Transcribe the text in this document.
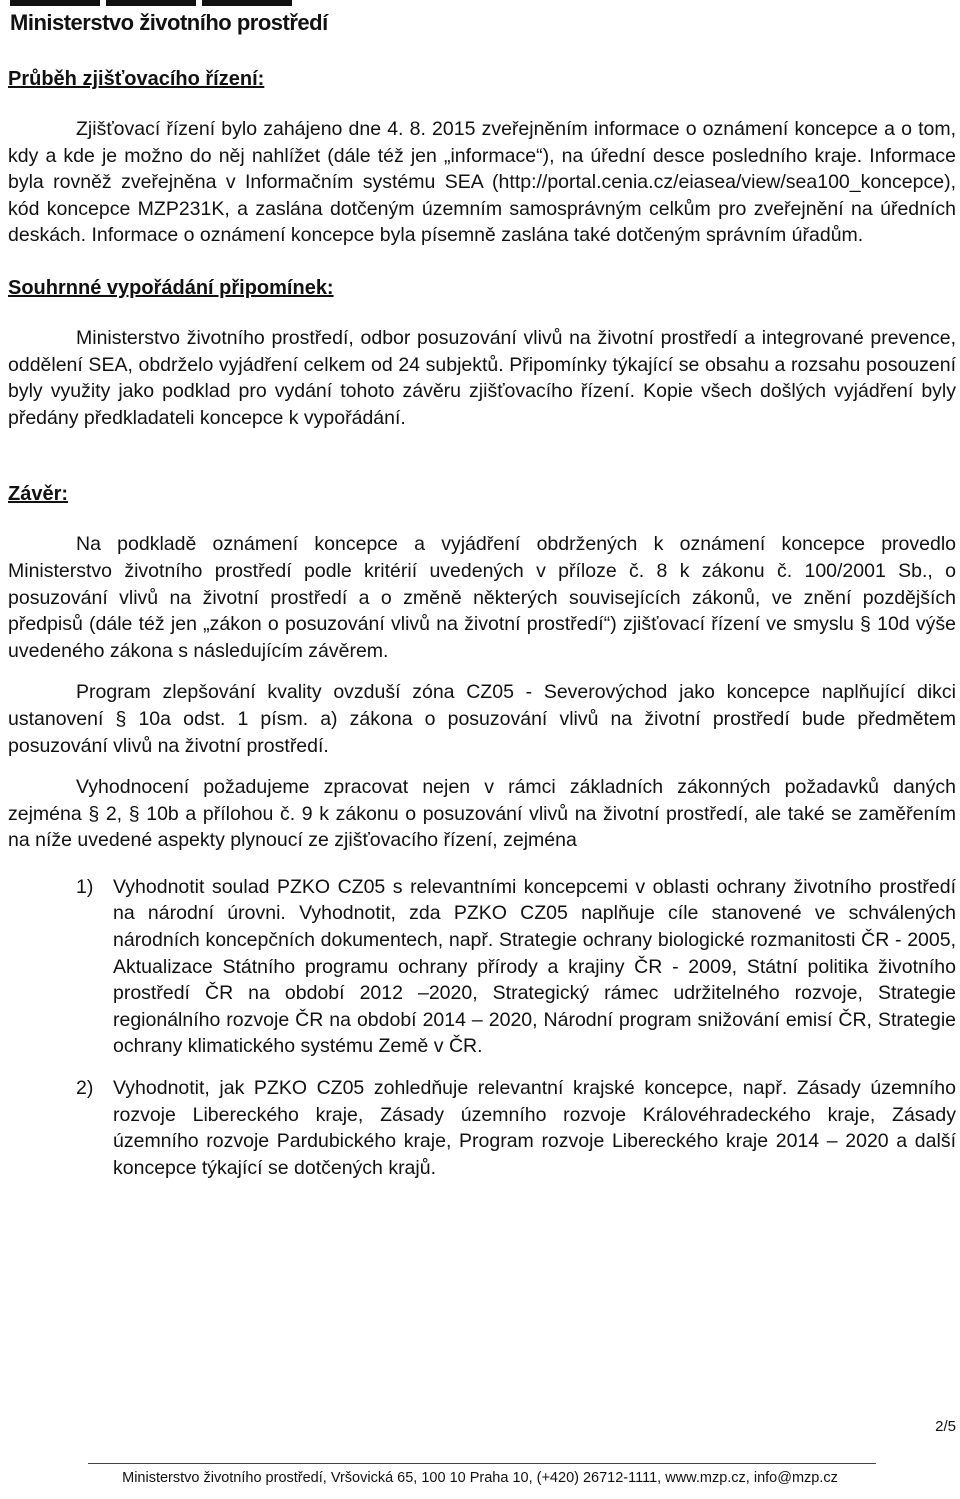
Ministerstvo životního prostředí
Průběh zjišťovacího řízení:

Zjišťovací řízení bylo zahájeno dne 4. 8. 2015 zveřejněním informace o oznámení koncepce a o tom, kdy a kde je možno do něj nahlížet (dále též jen „informace“), na úřední desce posledního kraje. Informace byla rovněž zveřejněna v Informačním systému SEA (http://portal.cenia.cz/eiasea/view/sea100_koncepce), kód koncepce MZP231K, a zaslána dotčeným územním samosprávným celkům pro zveřejnění na úředních deskách. Informace o oznámení koncepce byla písemně zaslána také dotčeným správním úřadům.

Souhrnné vypořádání připomínek:

Ministerstvo životního prostředí, odbor posuzování vlivů na životní prostředí a integrované prevence, oddělení SEA, obdrželo vyjádření celkem od 24 subjektů. Připomínky týkající se obsahu a rozsahu posouzení byly využity jako podklad pro vydání tohoto závěru zjišťovacího řízení. Kopie všech došlých vyjádření byly předány předkladateli koncepce k vypořádání.

Závěr:

Na podkladě oznámení koncepce a vyjádření obdržených k oznámení koncepce provedlo Ministerstvo životního prostředí podle kritérií uvedených v příloze č. 8 k zákonu č. 100/2001 Sb., o posuzování vlivů na životní prostředí a o změně některých souvisejících zákonů, ve znění pozdějších předpisů (dále též jen „zákon o posuzování vlivů na životní prostředí“) zjišťovací řízení ve smyslu § 10d výše uvedeného zákona s následujícím závěrem.

Program zlepšování kvality ovzduší zóna CZ05 - Severovýchod jako koncepce naplňující dikci ustanovení § 10a odst. 1 písm. a) zákona o posuzování vlivů na životní prostředí bude předmětem posuzování vlivů na životní prostředí.

Vyhodnocení požadujeme zpracovat nejen v rámci základních zákonných požadavků daných zejména § 2, § 10b a přílohou č. 9 k zákonu o posuzování vlivů na životní prostředí, ale také se zaměřením na níže uvedené aspekty plynoucí ze zjišťovacího řízení, zejména

1)	Vyhodnotit soulad PZKO CZ05 s relevantními koncepcemi v oblasti ochrany životního prostředí na národní úrovni. Vyhodnotit, zda PZKO CZ05 naplňuje cíle stanovené ve schválených národních koncepčních dokumentech, např. Strategie ochrany biologické rozmanitosti ČR - 2005, Aktualizace Státního programu ochrany přírody a krajiny ČR - 2009, Státní politika životního prostředí ČR na období 2012 –2020, Strategický rámec udržitelného rozvoje, Strategie regionálního rozvoje ČR na období 2014 – 2020, Národní program snižování emisí ČR, Strategie ochrany klimatického systému Země v ČR.
2)	Vyhodnotit, jak PZKO CZ05 zohledňuje relevantní krajské koncepce, např. Zásady územního rozvoje Libereckého kraje, Zásady územního rozvoje Královéhradeckého kraje, Zásady územního rozvoje Pardubického kraje, Program rozvoje Libereckého kraje 2014 – 2020 a další koncepce týkající se dotčených krajů.
2/5
Ministerstvo životního prostředí, Vršovická 65, 100 10 Praha 10, (+420) 26712-1111, www.mzp.cz, info@mzp.cz
